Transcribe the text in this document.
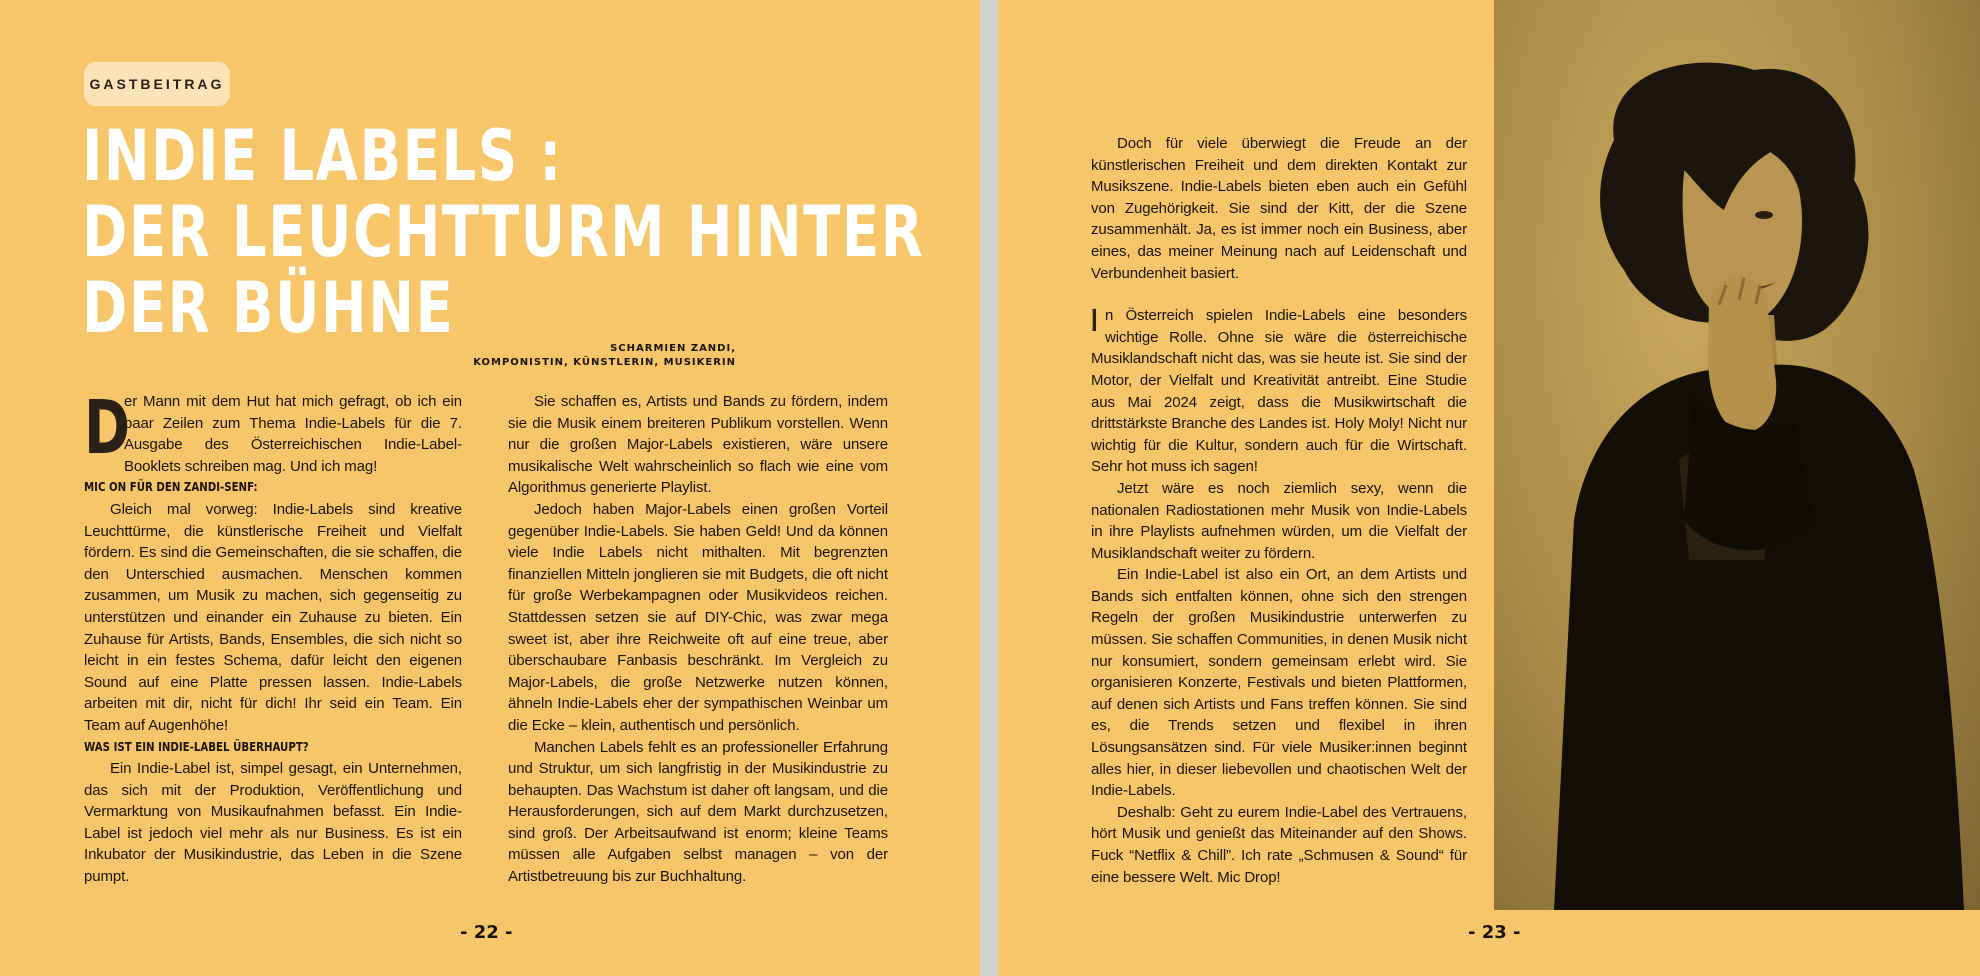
GASTBEITRAG
INDIE LABELS :
DER LEUCHTTURM HINTER
DER BÜHNE	SCHARMIEN ZANDI,
KOMPONISTIN, KÜNSTLERIN, MUSIKERIN
D

er Mann mit dem Hut hat mich gefragt, ob ich ein paar Zeilen zum Thema Indie-Labels für die 7. Ausgabe des Österreichischen Indie-Label-Booklets schreiben mag. Und ich mag!

MIC ON FÜR DEN ZANDI-SENF:

Gleich mal vorweg: Indie-Labels sind kreative Leuchttürme, die künstlerische Freiheit und Vielfalt fördern. Es sind die Gemeinschaften, die sie schaffen, die den Unterschied ausmachen. Menschen kommen zusammen, um Musik zu machen, sich gegenseitig zu unterstützen und einander ein Zuhause zu bieten. Ein Zuhause für Artists, Bands, Ensembles, die sich nicht so leicht in ein festes Schema, dafür leicht den eigenen Sound auf eine Platte pressen lassen. Indie-Labels arbeiten mit dir, nicht für dich! Ihr seid ein Team. Ein Team auf Augenhöhe!

WAS IST EIN INDIE-LABEL ÜBERHAUPT?

Ein Indie-Label ist, simpel gesagt, ein Unternehmen, das sich mit der Produktion, Veröffentlichung und Vermarktung von Musikaufnahmen befasst. Ein Indie-Label ist jedoch viel mehr als nur Business. Es ist ein Inkubator der Musikindustrie, das Leben in die Szene pumpt.

Sie schaffen es, Artists und Bands zu fördern, indem sie die Musik einem breiteren Publikum vorstellen. Wenn nur die großen Major-Labels existieren, wäre unsere musikalische Welt wahrscheinlich so flach wie eine vom Algorithmus generierte Playlist.

Jedoch haben Major-Labels einen großen Vorteil gegenüber Indie-Labels. Sie haben Geld! Und da können viele Indie Labels nicht mithalten. Mit begrenzten finanziellen Mitteln jonglieren sie mit Budgets, die oft nicht für große Werbekampagnen oder Musikvideos reichen. Stattdessen setzen sie auf DIY-Chic, was zwar mega sweet ist, aber ihre Reichweite oft auf eine treue, aber überschaubare Fanbasis beschränkt. Im Vergleich zu Major-Labels, die große Netzwerke nutzen können, ähneln Indie-Labels eher der sympathischen Weinbar um die Ecke – klein, authentisch und persönlich.

Manchen Labels fehlt es an professioneller Erfahrung und Struktur, um sich langfristig in der Musikindustrie zu behaupten. Das Wachstum ist daher oft langsam, und die Herausforderungen, sich auf dem Markt durchzusetzen, sind groß. Der Arbeitsaufwand ist enorm; kleine Teams müssen alle Aufgaben selbst managen – von der Artistbetreuung bis zur Buchhaltung.

- 22 -

Doch für viele überwiegt die Freude an der künstlerischen Freiheit und dem direkten Kontakt zur Musikszene. Indie-Labels bieten eben auch ein Gefühl von Zugehörigkeit. Sie sind der Kitt, der die Szene zusammenhält. Ja, es ist immer noch ein Business, aber eines, das meiner Meinung nach auf Leidenschaft und Verbundenheit basiert.

In Österreich spielen Indie-Labels eine besonders wichtige Rolle. Ohne sie wäre die österreichische Musiklandschaft nicht das, was sie heute ist. Sie sind der Motor, der Vielfalt und Kreativität antreibt. Eine Studie aus Mai 2024 zeigt, dass die Musikwirtschaft die drittstärkste Branche des Landes ist. Holy Moly! Nicht nur wichtig für die Kultur, sondern auch für die Wirtschaft. Sehr hot muss ich sagen!

Jetzt wäre es noch ziemlich sexy, wenn die nationalen Radiostationen mehr Musik von Indie-Labels in ihre Playlists aufnehmen würden, um die Vielfalt der Musiklandschaft weiter zu fördern.

Ein Indie-Label ist also ein Ort, an dem Artists und Bands sich entfalten können, ohne sich den strengen Regeln der großen Musikindustrie unterwerfen zu müssen. Sie schaffen Communities, in denen Musik nicht nur konsumiert, sondern gemeinsam erlebt wird. Sie organisieren Konzerte, Festivals und bieten Plattformen, auf denen sich Artists und Fans treffen können. Sie sind es, die Trends setzen und flexibel in ihren Lösungsansätzen sind. Für viele Musiker:innen beginnt alles hier, in dieser liebevollen und chaotischen Welt der Indie-Labels.

Deshalb: Geht zu eurem Indie-Label des Vertrauens, hört Musik und genießt das Miteinander auf den Shows. Fuck “Netflix & Chill”. Ich rate „Schmusen & Sound“ für eine bessere Welt. Mic Drop!

- 23 -
